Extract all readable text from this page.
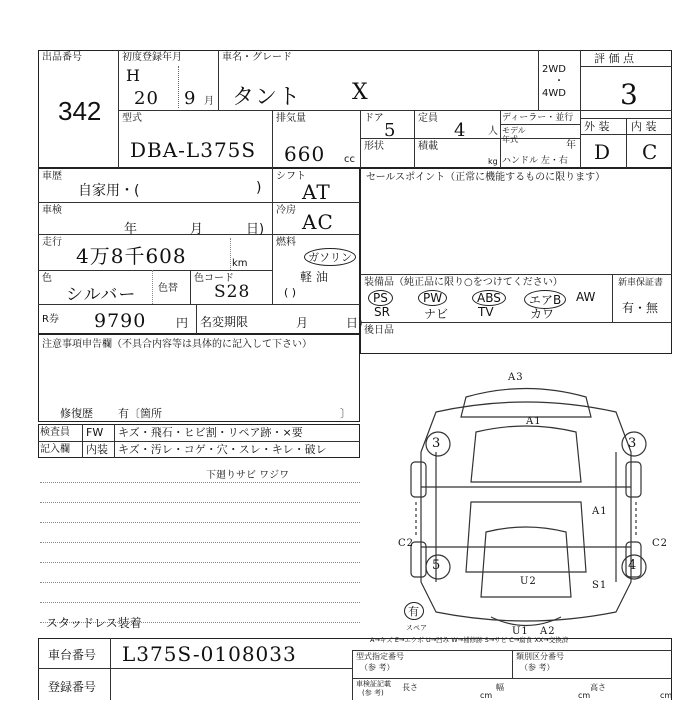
出品番号
342
初度登録年月
H
20 9 月
車名・グレード
タント X
2WD
・
4WD
評 価 点
3
型式
DBA-L375S
排気量
660 cc
ドア
5
定員
4 人
ディーラー・並行
モデル
年式
年
外 装 内 装
D C
形状	積載
kg ハンドル 左・右
車歴
自家用・(	)
シフト
AT
車検
年	月	日)
冷房 AC
走行
4万8千608	km
燃料
ガソリン
軽 油
( )
色
シルバー 色替
色コード
S28
R券 9790 円 名変期限	月	日)
セールスポイント（正常に機能するものに限ります）
装備品（純正品に限り○をつけてください）	新車保証書
有・無
PS	PW	ABS	エアB	AW
SR	ナビ TV	カワ
後日品
注意事項申告欄（不具合内容等は具体的に記入して下さい）
修復歴 有〔箇所	〕
検査員
記入欄
FW キズ・飛石・ヒビ割・リペア跡・×要
内装 キズ・汚レ・コゲ・穴・スレ・キレ・破レ
下廻りサビ ワジワ
スタッドレス装着
A3
A1
3	3
A1
C2	C2
5	4
U2	S1
U1 A2
有
スペア
A→キズ E→エクボ U→凹み W→補修跡 S→サビ C→腐食 XX→交換済
車台番号 L375S-0108033
登録番号
型式指定番号
（参 考）
類別区分番号
（参 考）
車検証記載
(参 考)
長さ
cm
幅
cm
高さ
cm
